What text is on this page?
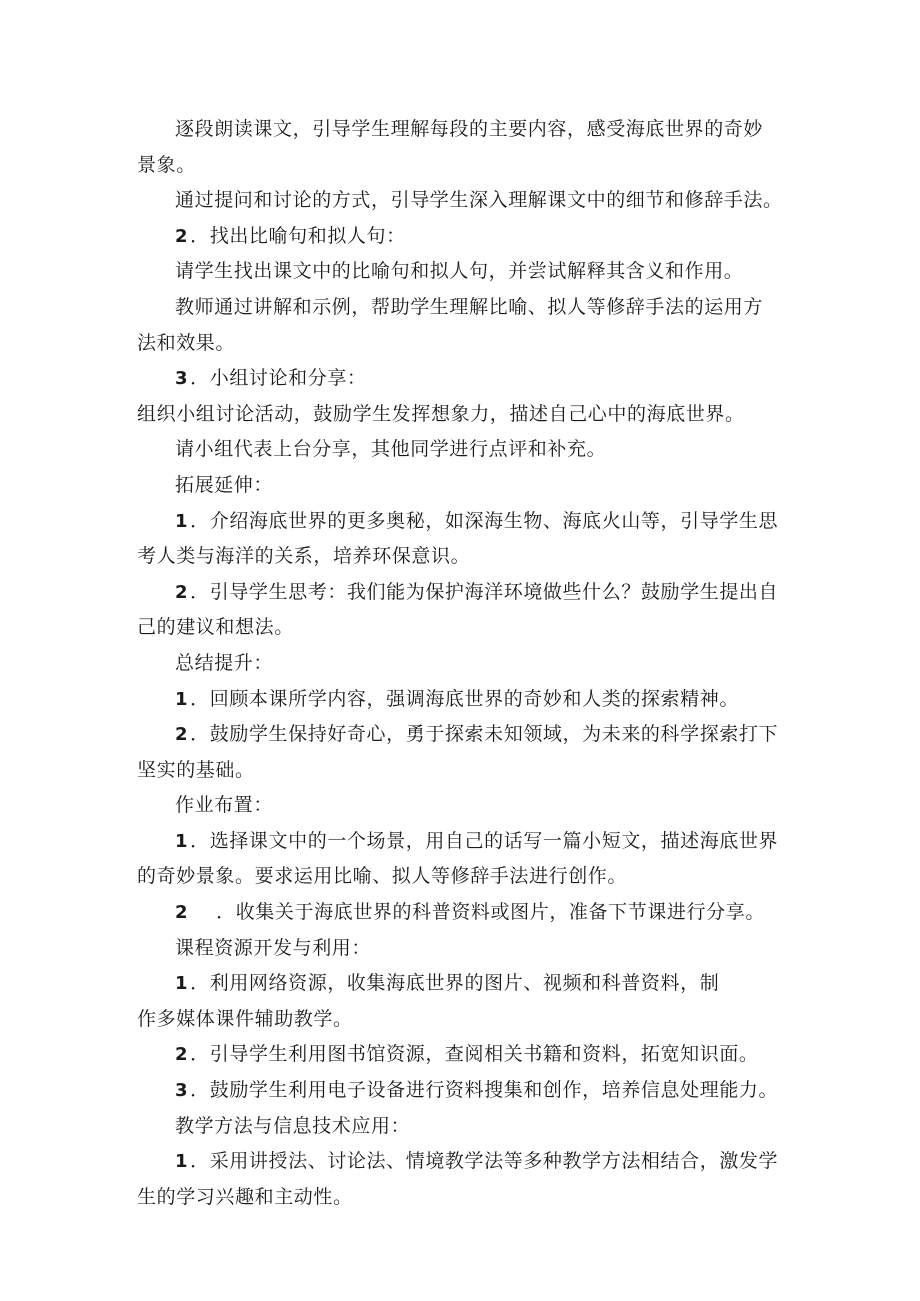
逐段朗读课文，引导学生理解每段的主要内容，感受海底世界的奇妙
景象。
通过提问和讨论的方式，引导学生深入理解课文中的细节和修辞手法。
2 ．找出比喻句和拟人句：
请学生找出课文中的比喻句和拟人句，并尝试解释其含义和作用。
教师通过讲解和示例，帮助学生理解比喻、拟人等修辞手法的运用方
法和效果。
3 ．小组讨论和分享：
组织小组讨论活动，鼓励学生发挥想象力，描述自己心中的海底世界。
请小组代表上台分享，其他同学进行点评和补充。
拓展延伸：
1 ．介绍海底世界的更多奥秘，如深海生物、海底火山等，引导学生思
考人类与海洋的关系，培养环保意识。
2 ．引导学生思考：我们能为保护海洋环境做些什么？鼓励学生提出自
己的建议和想法。
总结提升：
1 ．回顾本课所学内容，强调海底世界的奇妙和人类的探索精神。
2 ．鼓励学生保持好奇心，勇于探索未知领域，为未来的科学探索打下
坚实的基础。
作业布置：
1 ．选择课文中的一个场景，用自己的话写一篇小短文，描述海底世界
的奇妙景象。要求运用比喻、拟人等修辞手法进行创作。
2 ．收集关于海底世界的科普资料或图片，准备下节课进行分享。
课程资源开发与利用：
1 ．利用网络资源，收集海底世界的图片、视频和科普资料，制
作多媒体课件辅助教学。
2 ．引导学生利用图书馆资源，查阅相关书籍和资料，拓宽知识面。
3 ．鼓励学生利用电子设备进行资料搜集和创作，培养信息处理能力。
教学方法与信息技术应用：
1 ．采用讲授法、讨论法、情境教学法等多种教学方法相结合，激发学
生的学习兴趣和主动性。
